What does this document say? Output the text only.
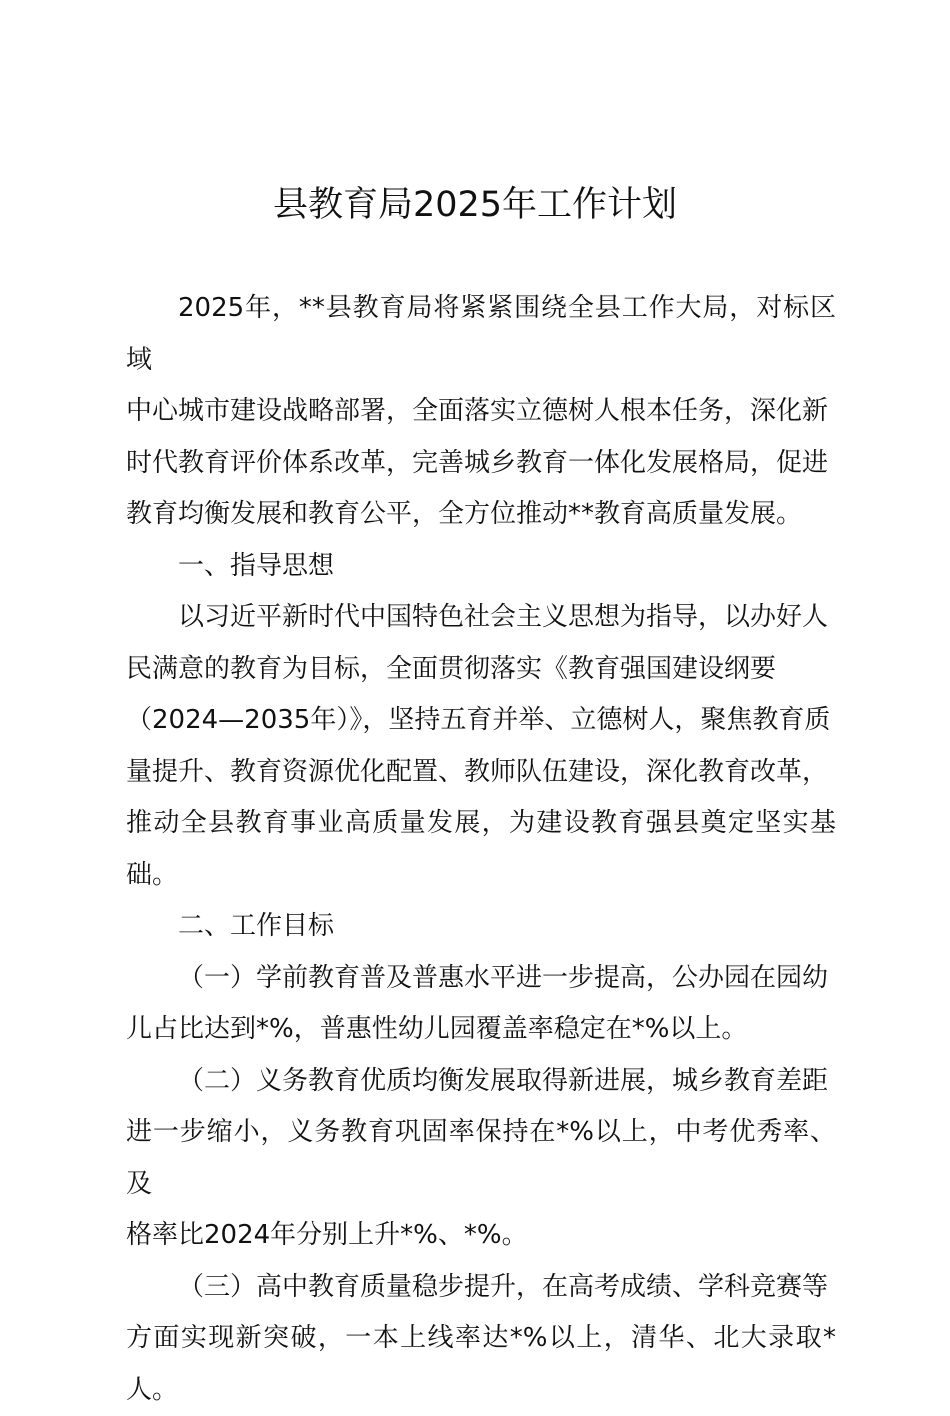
县教育局2025年工作计划

2025年，**县教育局将紧紧围绕全县工作大局，对标区域
中心城市建设战略部署，全面落实立德树人根本任务，深化新
时代教育评价体系改革，完善城乡教育一体化发展格局，促进
教育均衡发展和教育公平，全方位推动**教育高质量发展。

一、指导思想

以习近平新时代中国特色社会主义思想为指导，以办好人
民满意的教育为目标，全面贯彻落实《教育强国建设纲要
（2024—2035年）》，坚持五育并举、立德树人，聚焦教育质
量提升、教育资源优化配置、教师队伍建设，深化教育改革，
推动全县教育事业高质量发展，为建设教育强县奠定坚实基础。

二、工作目标

（一）学前教育普及普惠水平进一步提高，公办园在园幼
儿占比达到*%，普惠性幼儿园覆盖率稳定在*%以上。

（二）义务教育优质均衡发展取得新进展，城乡教育差距
进一步缩小，义务教育巩固率保持在*%以上，中考优秀率、及
格率比2024年分别上升*%、*%。

（三）高中教育质量稳步提升，在高考成绩、学科竞赛等
方面实现新突破，一本上线率达*%以上，清华、北大录取*人。
